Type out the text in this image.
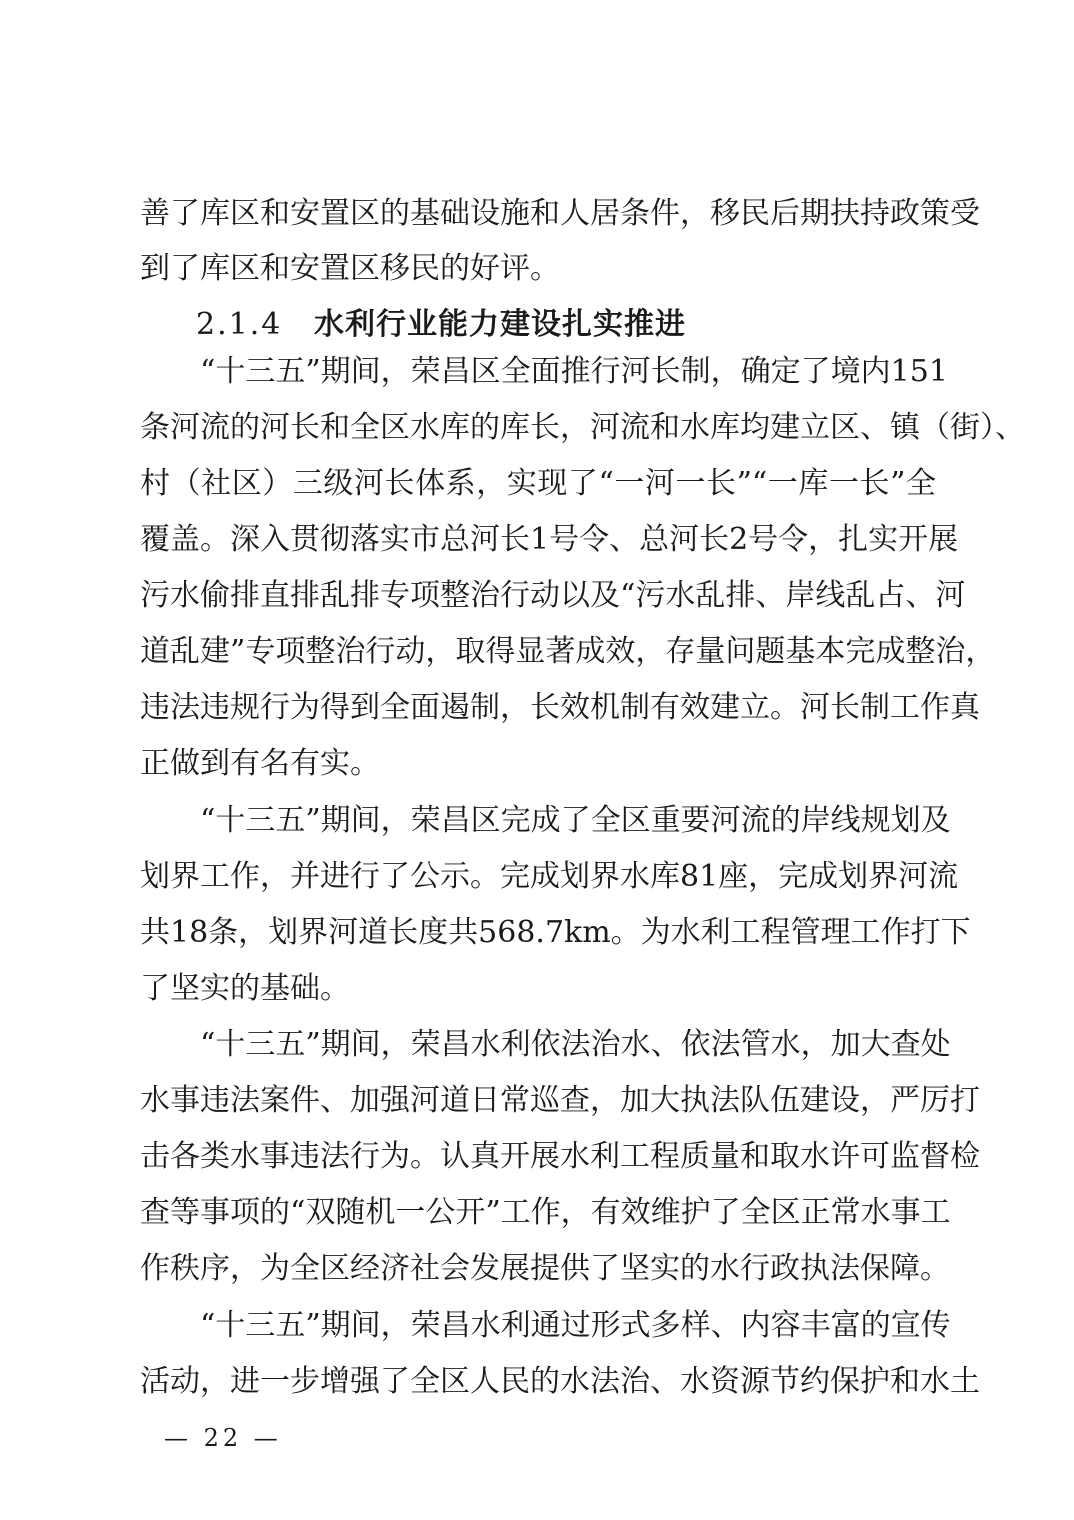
善了库区和安置区的基础设施和人居条件，移民后期扶持政策受
到了库区和安置区移民的好评。
2.1.4 水利行业能力建设扎实推进
“十三五”期间，荣昌区全面推行河长制，确定了境内151
条河流的河长和全区水库的库长，河流和水库均建立区、镇（街）、
村（社区）三级河长体系，实现了“一河一长”“一库一长”全
覆盖。深入贯彻落实市总河长1号令、总河长2号令，扎实开展
污水偷排直排乱排专项整治行动以及“污水乱排、岸线乱占、河
道乱建”专项整治行动，取得显著成效，存量问题基本完成整治，
违法违规行为得到全面遏制，长效机制有效建立。河长制工作真
正做到有名有实。
“十三五”期间，荣昌区完成了全区重要河流的岸线规划及
划界工作，并进行了公示。完成划界水库81座，完成划界河流
共18条，划界河道长度共568.7km。为水利工程管理工作打下
了坚实的基础。
“十三五”期间，荣昌水利依法治水、依法管水，加大查处
水事违法案件、加强河道日常巡查，加大执法队伍建设，严厉打
击各类水事违法行为。认真开展水利工程质量和取水许可监督检
查等事项的“双随机一公开”工作，有效维护了全区正常水事工
作秩序，为全区经济社会发展提供了坚实的水行政执法保障。
“十三五”期间，荣昌水利通过形式多样、内容丰富的宣传
活动，进一步增强了全区人民的水法治、水资源节约保护和水土
— 22 —
